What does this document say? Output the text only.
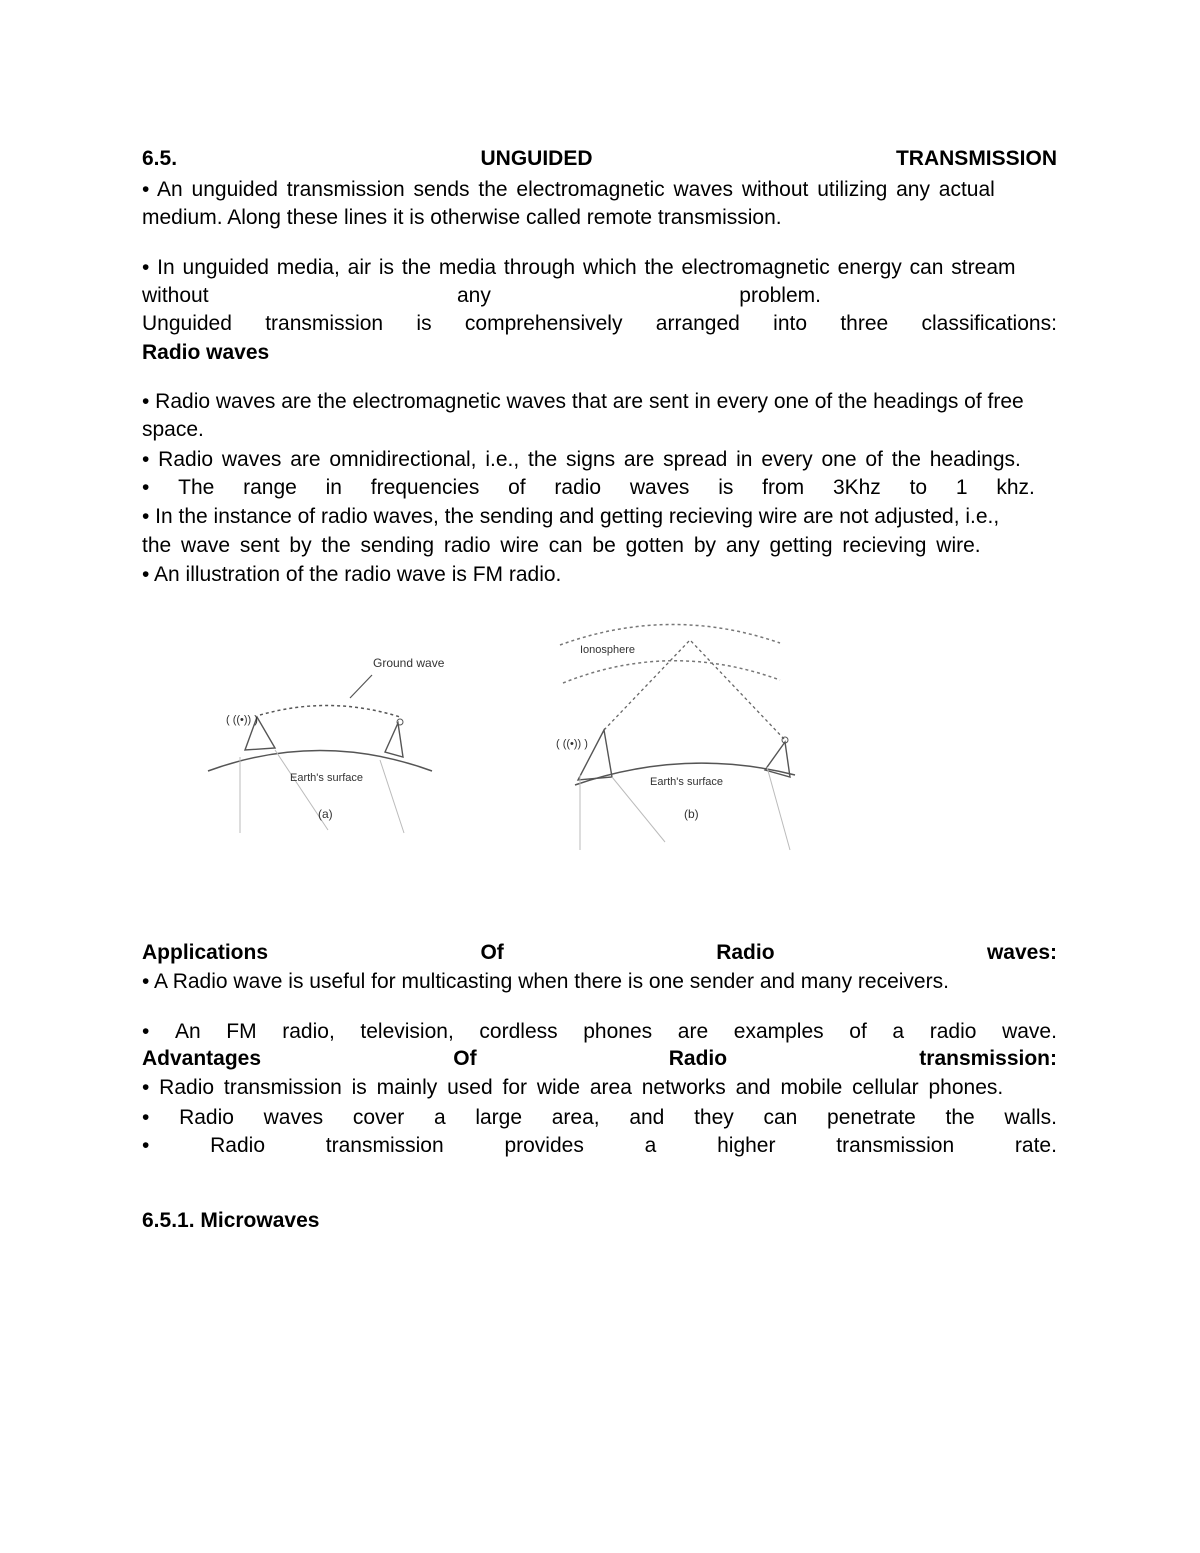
6.5.	UNGUIDED	TRANSMISSION
• An unguided transmission sends the electromagnetic waves without utilizing any actual
medium. Along these lines it is otherwise called remote transmission.
• In unguided media, air is the media through which the electromagnetic energy can stream
without	any	problem.
Unguided transmission is comprehensively arranged into three classifications:
Radio waves
• Radio waves are the electromagnetic waves that are sent in every one of the headings of free
space.
• Radio waves are omnidirectional, i.e., the signs are spread in every one of the headings.
• The range in frequencies of radio waves is from 3Khz to 1 khz.
• In the instance of radio waves, the sending and getting recieving wire are not adjusted, i.e.,
the wave sent by the sending radio wire can be gotten by any getting recieving wire.
• An illustration of the radio wave is FM radio.
( ((•)) )
Ground wave
Earth's surface
(a)
( ((•)) )
Ionosphere
Earth's surface
(b)
Applications	Of	Radio	waves:
• A Radio wave is useful for multicasting when there is one sender and many receivers.
• An FM radio, television, cordless phones are examples of a radio wave.
Advantages	Of	Radio	transmission:
• Radio transmission is mainly used for wide area networks and mobile cellular phones.
• Radio waves cover a large area, and they can penetrate the walls.
•	Radio	transmission	provides	a	higher	transmission	rate.
6.5.1. Microwaves
